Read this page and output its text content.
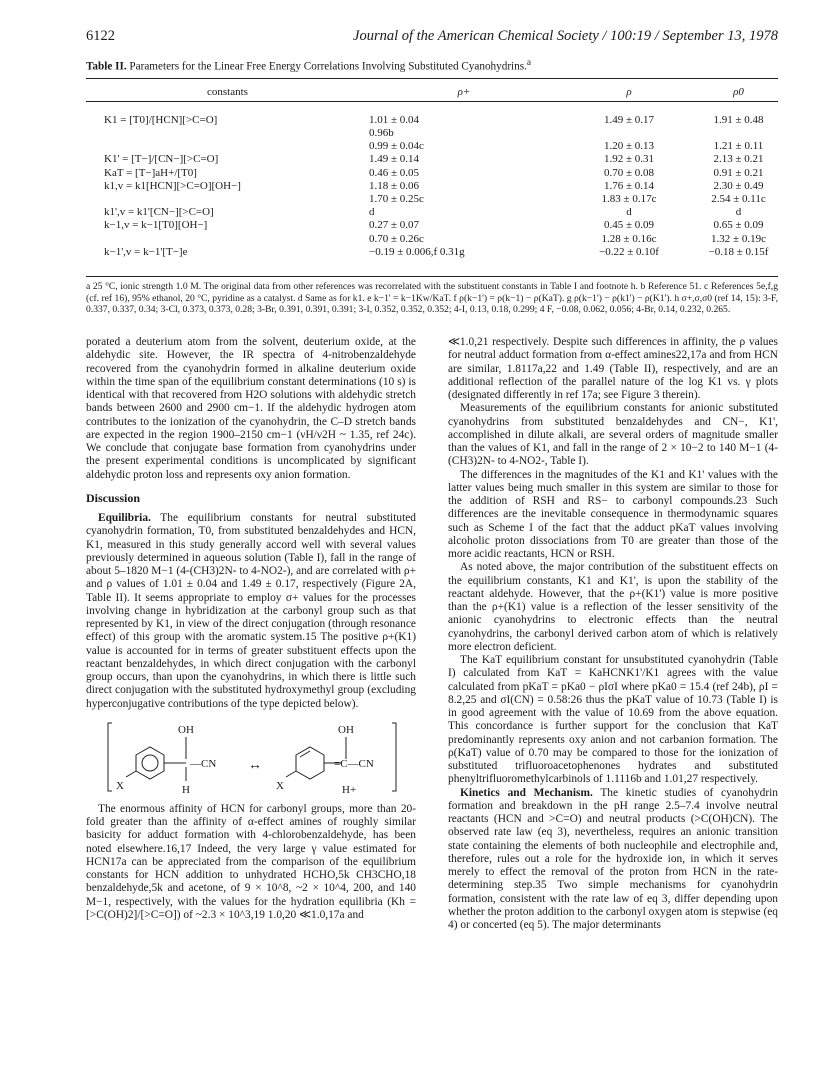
6122	Journal of the American Chemical Society / 100:19 / September 13, 1978
Table II. Parameters for the Linear Free Energy Correlations Involving Substituted Cyanohydrins.$^a$
constants	ρ+	ρ	ρ0

K1 = [T0]/[HCN][>C=O]	1.01 ± 0.04	1.49 ± 0.17	1.91 ± 0.48
	0.96b		
	0.99 ± 0.04c	1.20 ± 0.13	1.21 ± 0.11
K1' = [T−]/[CN−][>C=O]	1.49 ± 0.14	1.92 ± 0.31	2.13 ± 0.21
KaT = [T−]aH+/[T0]	0.46 ± 0.05	0.70 ± 0.08	0.91 ± 0.21
k1,v = k1[HCN][>C=O][OH−]	1.18 ± 0.06	1.76 ± 0.14	2.30 ± 0.49
	1.70 ± 0.25c	1.83 ± 0.17c	2.54 ± 0.11c
k1',v = k1'[CN−][>C=O]	d	d	d
k−1,v = k−1[T0][OH−]	0.27 ± 0.07	0.45 ± 0.09	0.65 ± 0.09
	0.70 ± 0.26c	1.28 ± 0.16c	1.32 ± 0.19c
k−1',v = k−1'[T−]e	−0.19 ± 0.006,f 0.31g	−0.22 ± 0.10f	−0.18 ± 0.15f
a 25 °C, ionic strength 1.0 M. The original data from other references was recorrelated with the substituent constants in Table I and footnote h. b Reference 51. c References 5e,f,g (cf. ref 16), 95% ethanol, 20 °C, pyridine as a catalyst. d Same as for k1. e k−1' = k−1Kw/KaT. f ρ(k−1') = ρ(k−1) − ρ(KaT). g ρ(k−1') − ρ(k1') − ρ(K1'). h σ+,σ,σ0 (ref 14, 15): 3-F, 0.337, 0.337, 0.34; 3-Cl, 0.373, 0.373, 0.28; 3-Br, 0.391, 0.391, 0.391; 3-I, 0.352, 0.352, 0.352; 4-I, 0.13, 0.18, 0.299; 4 F, −0.08, 0.062, 0.056; 4-Br, 0.14, 0.232, 0.265.

porated a deuterium atom from the solvent, deuterium oxide, at the aldehydic site. However, the IR spectra of 4-nitrobenzaldehyde recovered from the cyanohydrin formed in alkaline deuterium oxide within the time span of the equilibrium constant determinations (10 s) is identical with that recovered from H2O solutions with aldehydic stretch bands between 2600 and 2900 cm−1. If the aldehydic hydrogen atom contributes to the ionization of the cyanohydrin, the C–D stretch bands are expected in the region 1900–2150 cm−1 (νH/ν2H ~ 1.35, ref 24c). We conclude that conjugate base formation from cyanohydrins under the present experimental conditions is uncomplicated by significant aldehydic proton loss and represents oxy anion formation.

Discussion

Equilibria. The equilibrium constants for neutral substituted cyanohydrin formation, T0, from substituted benzaldehydes and HCN, K1, measured in this study generally accord well with several values previously determined in aqueous solution (Table I), fall in the range of about 5–1820 M−1 (4-(CH3)2N- to 4-NO2-), and are correlated with ρ+ and ρ values of 1.01 ± 0.04 and 1.49 ± 0.17, respectively (Figure 2A, Table II). It seems appropriate to employ σ+ values for the processes involving change in hybridization at the carbonyl group such as that represented by K1, in view of the direct conjugation (through resonance effect) of this group with the aromatic system.15 The positive ρ+(K1) value is accounted for in terms of greater substituent effects upon the reactant benzaldehydes, in which direct conjugation with the carbonyl group occurs, than upon the cyanohydrins, in which there is little such direct conjugation with the substituted hydroxymethyl group (excluding hyperconjugative contributions of the type depicted below).

OH
—CN
X	H
↔
OH
=C—CN
X	H+

The enormous affinity of HCN for carbonyl groups, more than 20-fold greater than the affinity of α-effect amines of roughly similar basicity for adduct formation with 4-chlorobenzaldehyde, has been noted elsewhere.16,17 Indeed, the very large γ value estimated for HCN17a can be appreciated from the comparison of the equilibrium constants for HCN addition to unhydrated HCHO,5k CH3CHO,18 benzaldehyde,5k and acetone, of 9 × 10^8, ~2 × 10^4, 200, and 140 M−1, respectively, with the values for the hydration equilibria (Kh = [>C(OH)2]/[>C=O]) of ~2.3 × 10^3,19 1.0,20 ≪1.0,17a and

≪1.0,21 respectively. Despite such differences in affinity, the ρ values for neutral adduct formation from α-effect amines22,17a and from HCN are similar, 1.8117a,22 and 1.49 (Table II), respectively, and are an additional reflection of the parallel nature of the log K1 vs. γ plots (designated differently in ref 17a; see Figure 3 therein).

Measurements of the equilibrium constants for anionic substituted cyanohydrins from substituted benzaldehydes and CN−, K1', accomplished in dilute alkali, are several orders of magnitude smaller than the values of K1, and fall in the range of 2 × 10−2 to 140 M−1 (4-(CH3)2N- to 4-NO2-, Table I).

The differences in the magnitudes of the K1 and K1' values with the latter values being much smaller in this system are similar to those for the addition of RSH and RS− to carbonyl compounds.23 Such differences are the inevitable consequence in thermodynamic squares such as Scheme I of the fact that the adduct pKaT values involving alcoholic proton dissociations from T0 are greater than those of the more acidic reactants, HCN or RSH.

As noted above, the major contribution of the substituent effects on the equilibrium constants, K1 and K1', is upon the stability of the reactant aldehyde. However, that the ρ+(K1') value is more positive than the ρ+(K1) value is a reflection of the lesser sensitivity of the anionic cyanohydrins to electronic effects than the neutral cyanohydrins, the carbonyl derived carbon atom of which is relatively more electron deficient.

The KaT equilibrium constant for unsubstituted cyanohydrin (Table I) calculated from KaT = KaHCNK1'/K1 agrees with the value calculated from pKaT = pKa0 − ρIσI where pKa0 = 15.4 (ref 24b), ρI = 8.2,25 and σI(CN) = 0.58:26 thus the pKaT value of 10.73 (Table I) is in good agreement with the value of 10.69 from the above equation. This concordance is further support for the conclusion that KaT predominantly represents oxy anion and not carbanion formation. The ρ(KaT) value of 0.70 may be compared to those for the ionization of substituted trifluoroacetophenones hydrates and substituted phenyltrifluoromethylcarbinols of 1.1116b and 1.01,27 respectively.

Kinetics and Mechanism. The kinetic studies of cyanohydrin formation and breakdown in the pH range 2.5–7.4 involve neutral reactants (HCN and >C=O) and neutral products (>C(OH)CN). The observed rate law (eq 3), nevertheless, requires an anionic transition state containing the elements of both nucleophile and electrophile and, therefore, rules out a role for the hydroxide ion, in which it serves merely to effect the removal of the proton from HCN in the rate-determining step.35 Two simple mechanisms for cyanohydrin formation, consistent with the rate law of eq 3, differ depending upon whether the proton addition to the carbonyl oxygen atom is stepwise (eq 4) or concerted (eq 5). The major determinants
